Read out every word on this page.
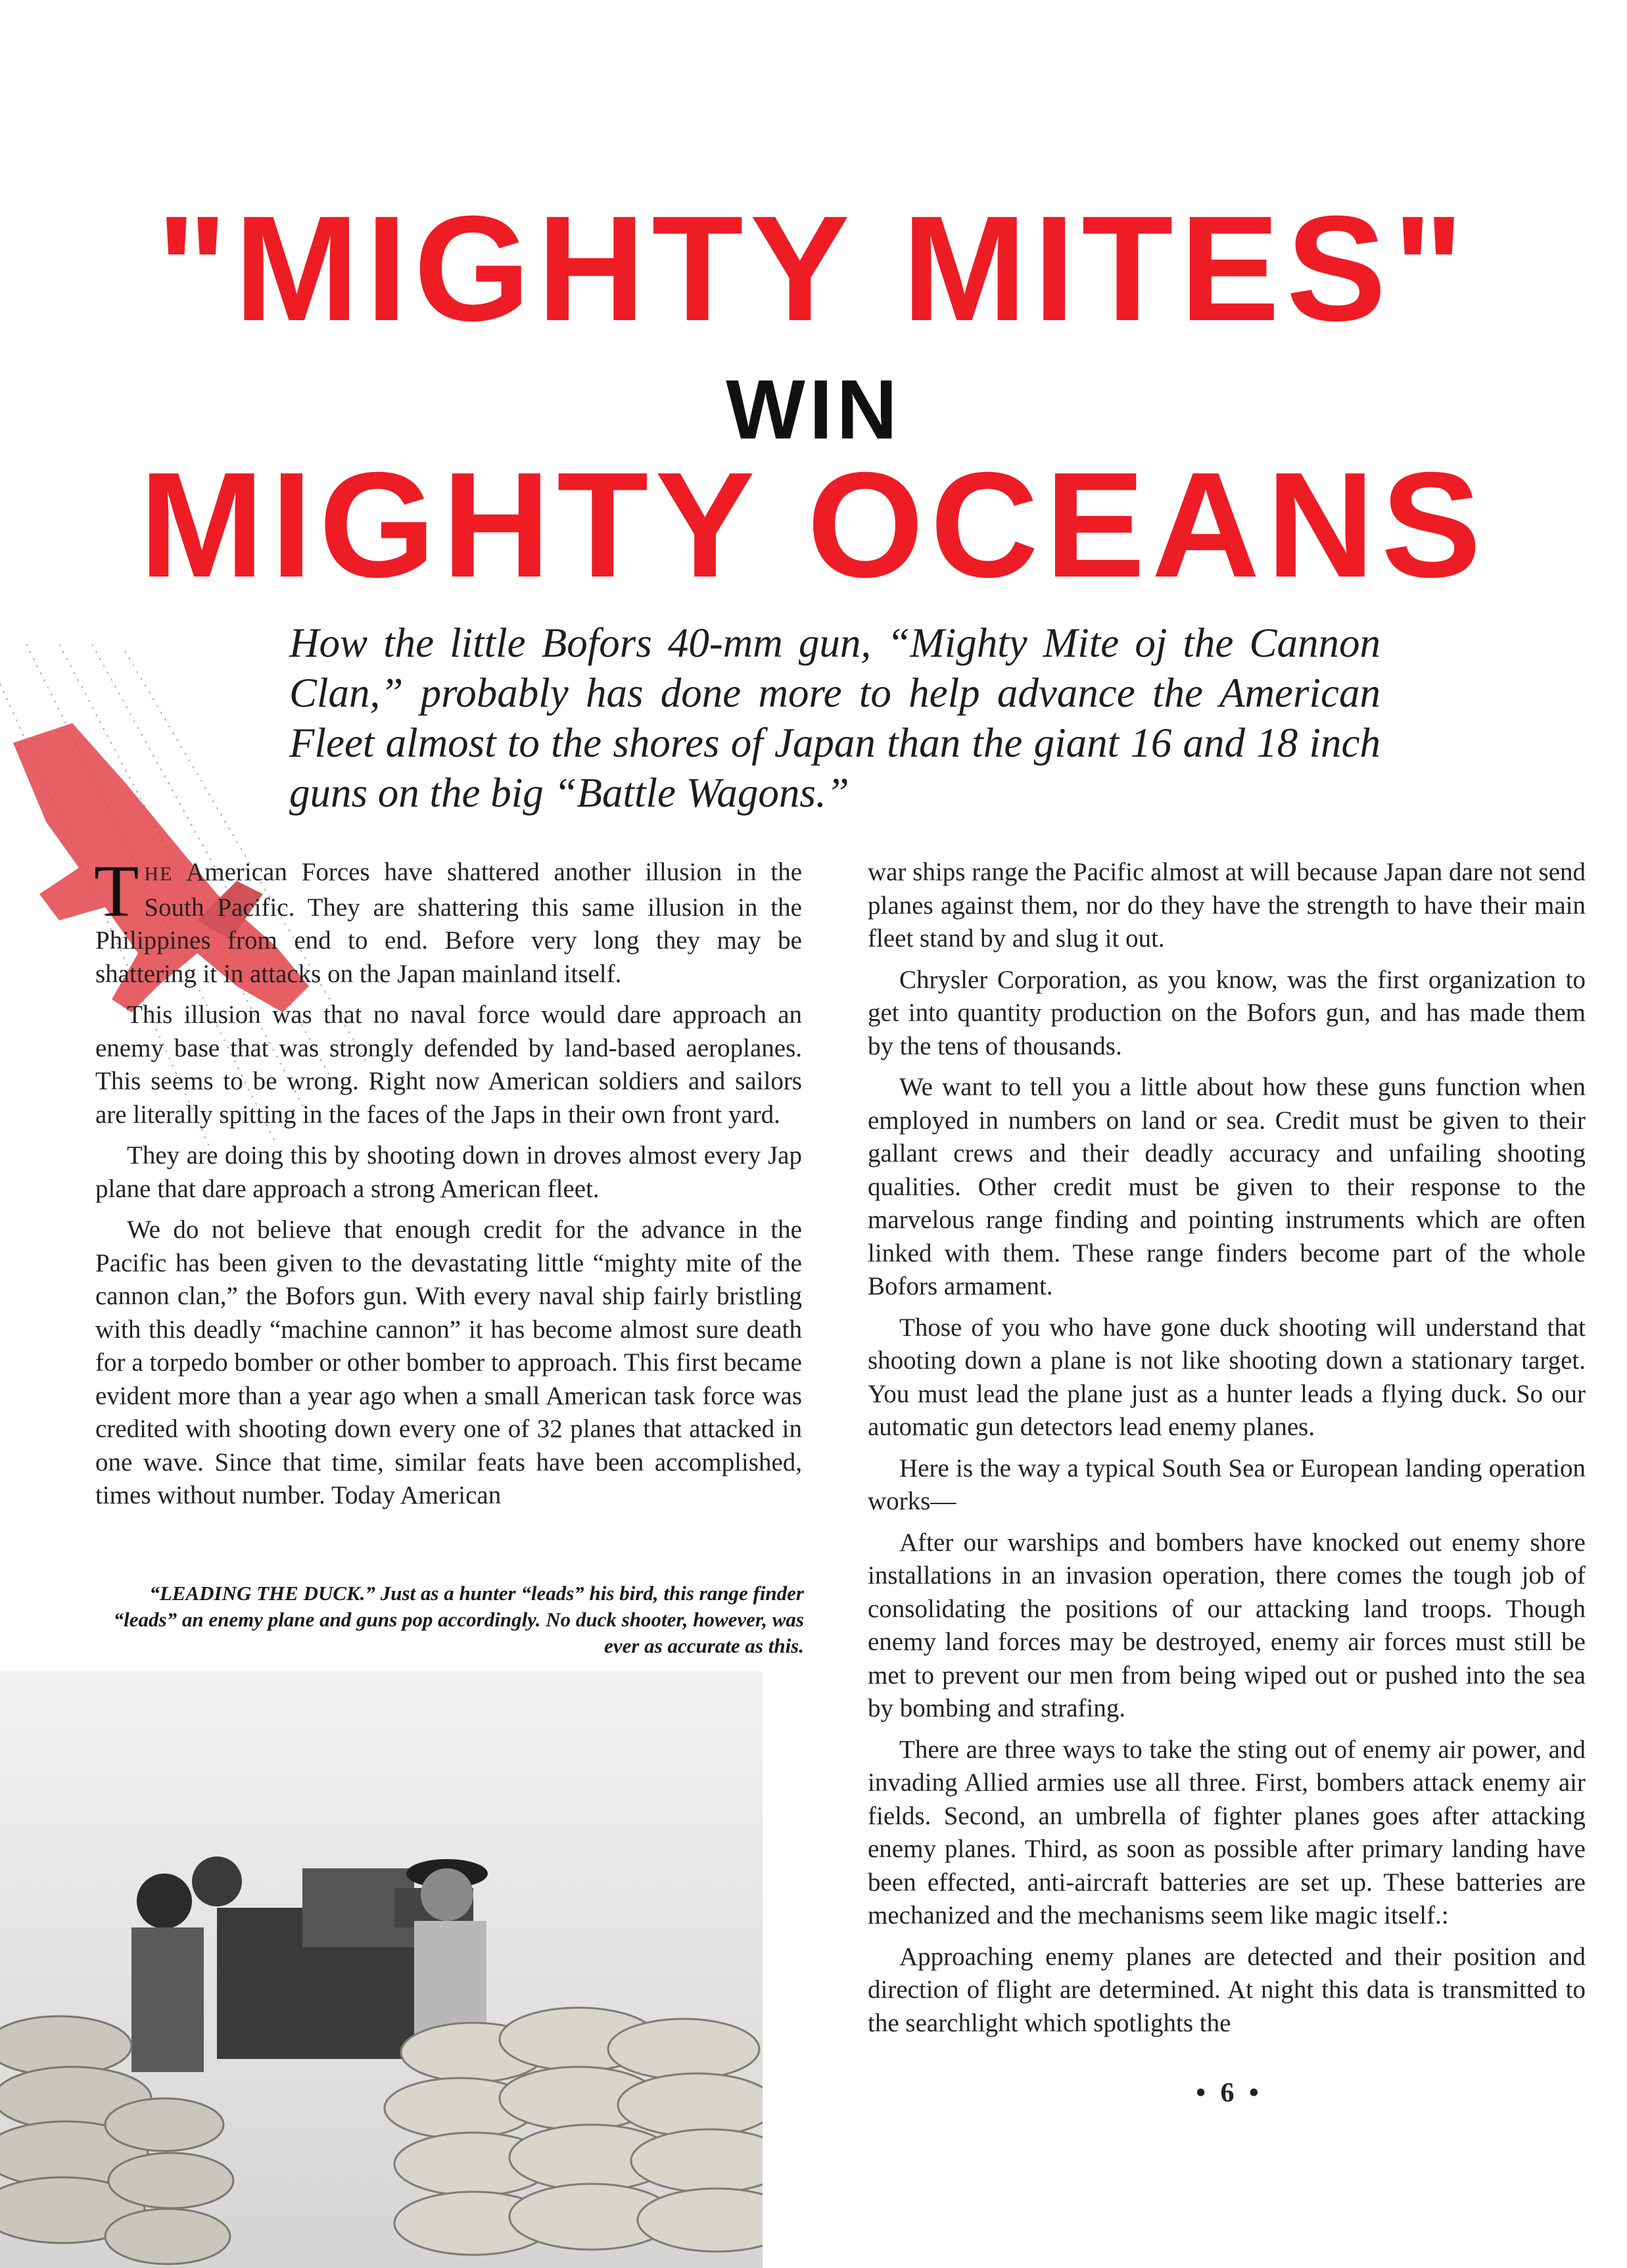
"MIGHTY MITES"
WIN
MIGHTY OCEANS
How the little Bofors 40-mm gun, “Mighty Mite oj the Cannon Clan,” probably has done more to help advance the American Fleet almost to the shores of Japan than the giant 16 and 18 inch guns on the big “Battle Wagons.”

THE American Forces have shattered another illusion in the South Pacific. They are shattering this same illusion in the Philippines from end to end. Before very long they may be shattering it in attacks on the Japan mainland itself.

This illusion was that no naval force would dare approach an enemy base that was strongly defended by land-based aeroplanes. This seems to be wrong. Right now American soldiers and sailors are literally spitting in the faces of the Japs in their own front yard.

They are doing this by shooting down in droves almost every Jap plane that dare approach a strong American fleet.

We do not believe that enough credit for the advance in the Pacific has been given to the devastating little “mighty mite of the cannon clan,” the Bofors gun. With every naval ship fairly bristling with this deadly “machine cannon” it has become almost sure death for a torpedo bomber or other bomber to approach. This first became evident more than a year ago when a small American task force was credited with shooting down every one of 32 planes that attacked in one wave. Since that time, similar feats have been accomplished, times without number. Today American

“LEADING THE DUCK.” Just as a hunter “leads” his bird, this range finder “leads” an enemy plane and guns pop accordingly. No duck shooter, however, was ever as accurate as this.

war ships range the Pacific almost at will because Japan dare not send planes against them, nor do they have the strength to have their main fleet stand by and slug it out.

Chrysler Corporation, as you know, was the first organization to get into quantity production on the Bofors gun, and has made them by the tens of thousands.

We want to tell you a little about how these guns function when employed in numbers on land or sea. Credit must be given to their gallant crews and their deadly accuracy and unfailing shooting qualities. Other credit must be given to their response to the marvelous range finding and pointing instruments which are often linked with them. These range finders become part of the whole Bofors armament.

Those of you who have gone duck shooting will understand that shooting down a plane is not like shooting down a stationary target. You must lead the plane just as a hunter leads a flying duck. So our automatic gun detectors lead enemy planes.

Here is the way a typical South Sea or European landing operation works—

After our warships and bombers have knocked out enemy shore installations in an invasion operation, there comes the tough job of consolidating the positions of our attacking land troops. Though enemy land forces may be destroyed, enemy air forces must still be met to prevent our men from being wiped out or pushed into the sea by bombing and strafing.

There are three ways to take the sting out of enemy air power, and invading Allied armies use all three. First, bombers attack enemy air fields. Second, an umbrella of fighter planes goes after attacking enemy planes. Third, as soon as possible after primary landing have been effected, anti-aircraft batteries are set up. These batteries are mechanized and the mechanisms seem like magic itself.:

Approaching enemy planes are detected and their position and direction of flight are determined. At night this data is transmitted to the searchlight which spotlights the

• 6 •
